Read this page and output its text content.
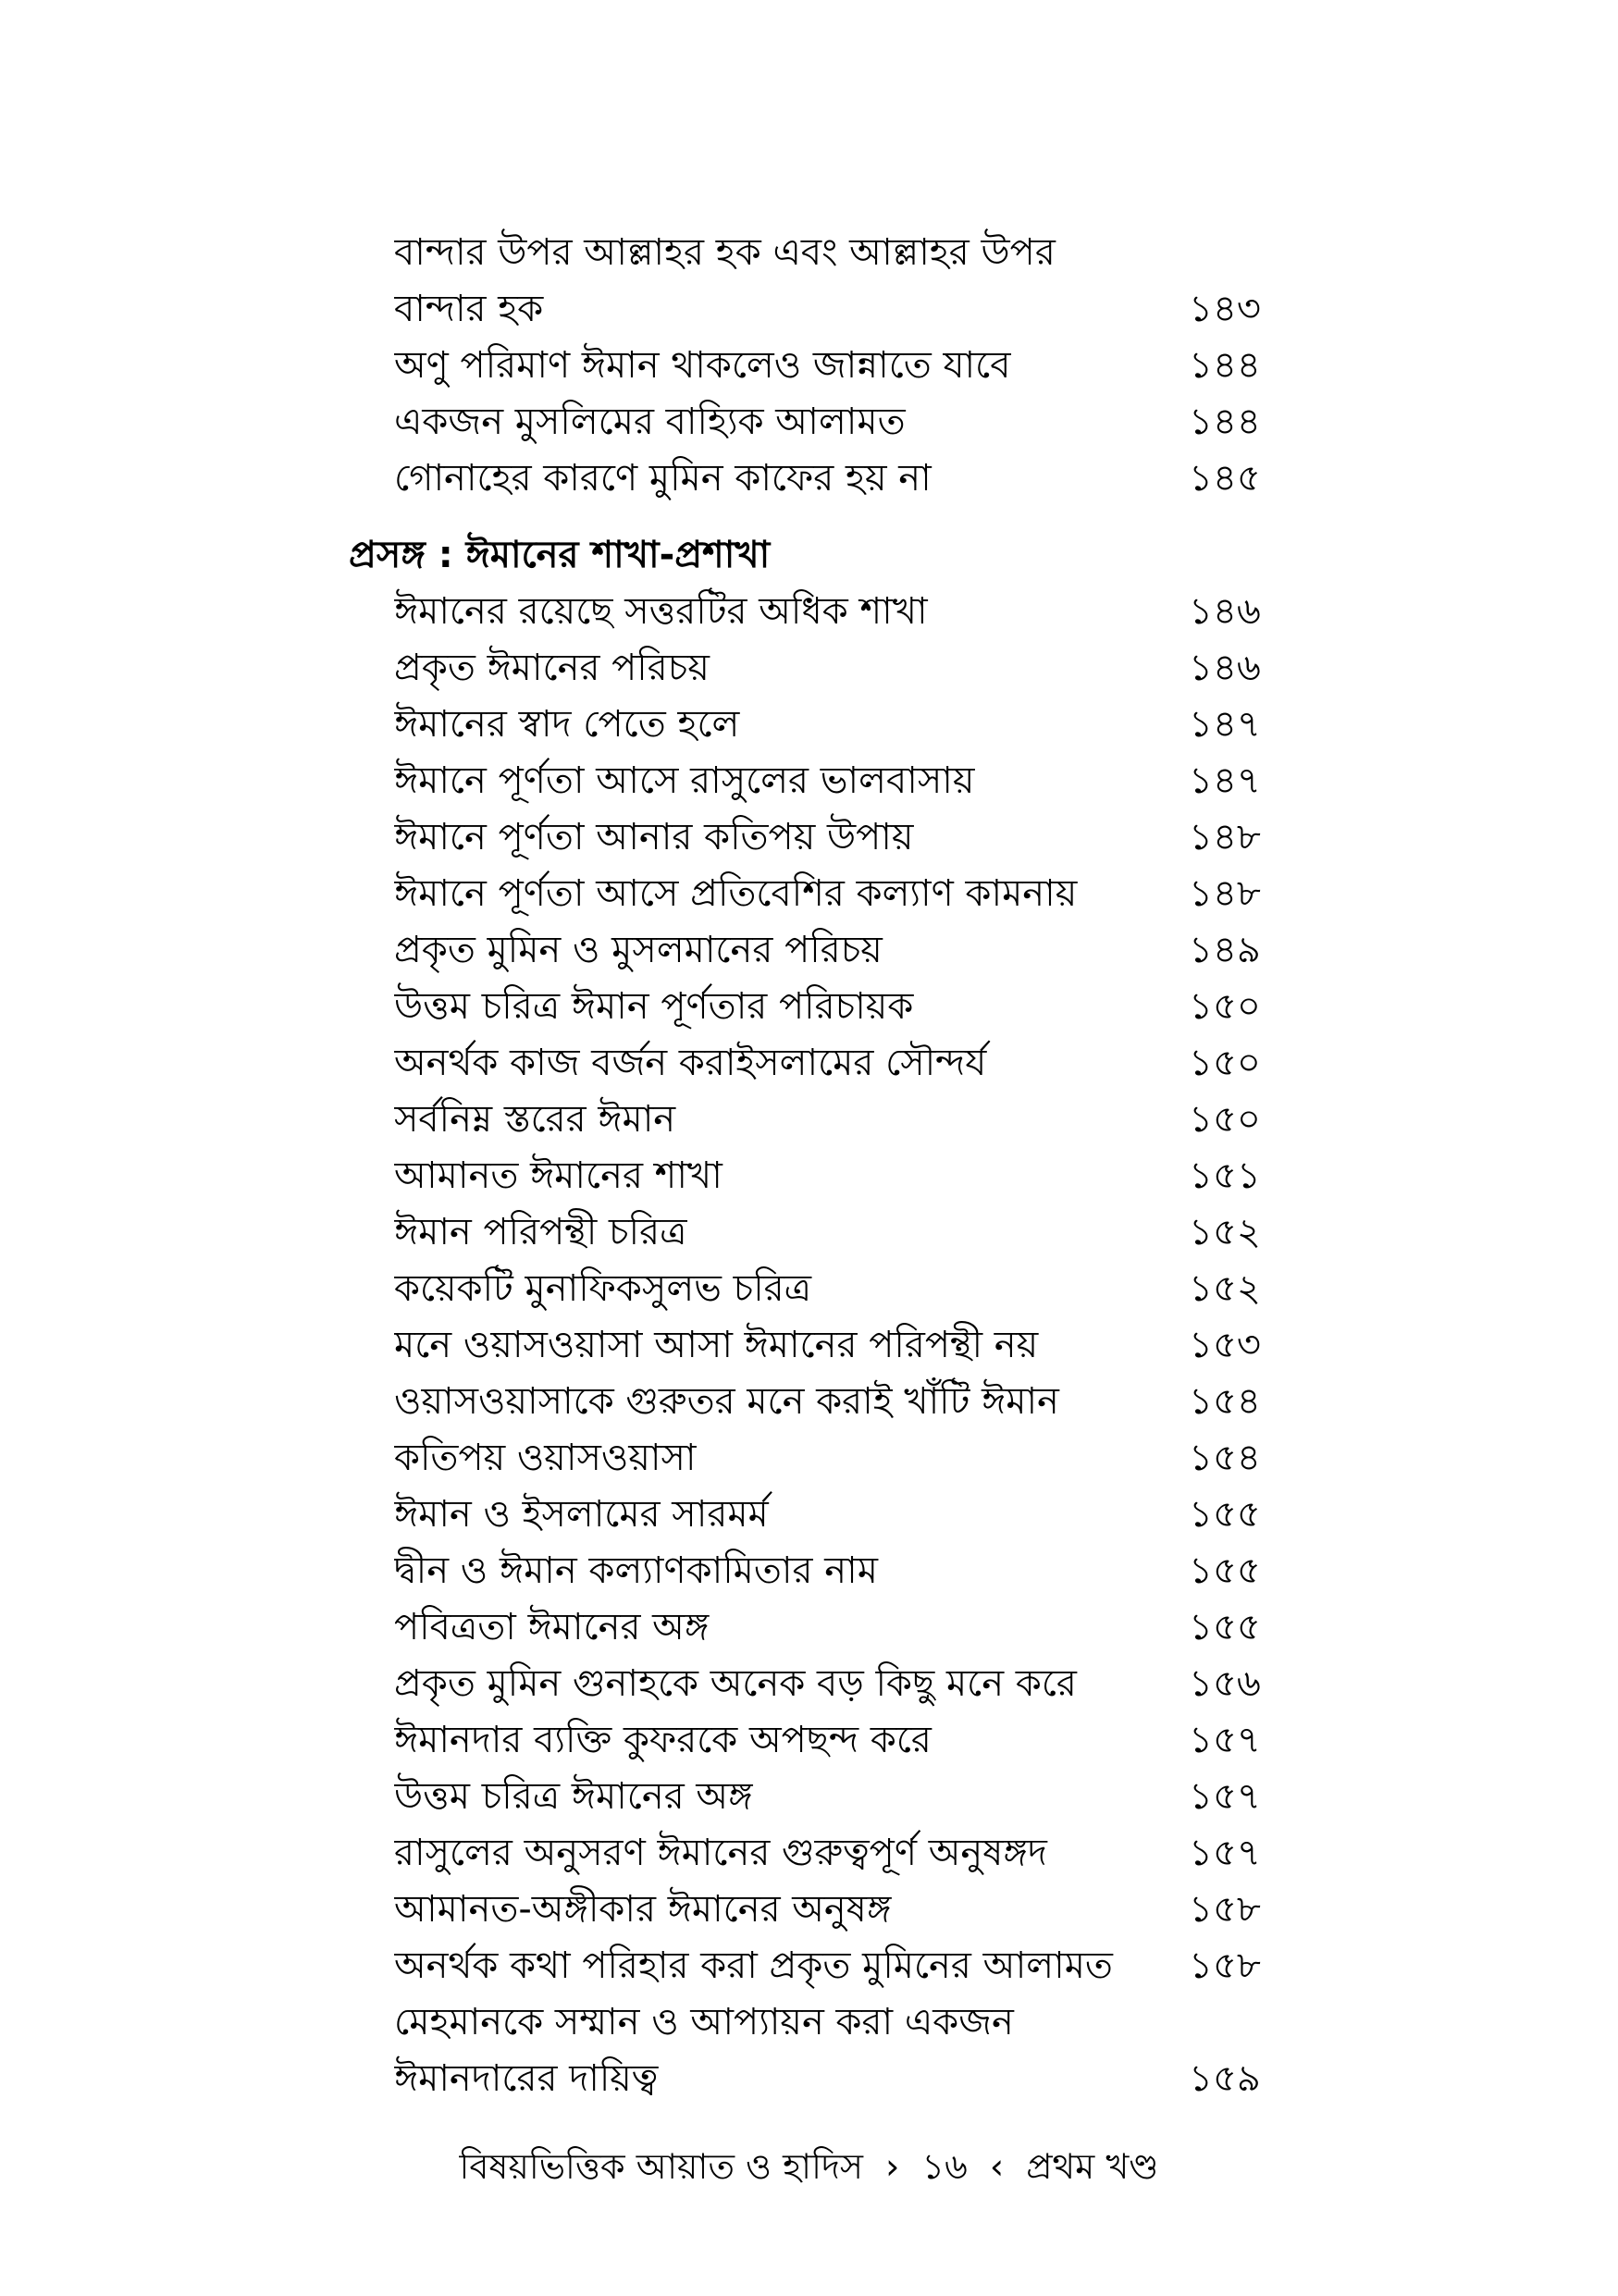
বান্দার উপর আল্লাহর হক এবং আল্লাহর উপর
বান্দার হক	১৪৩
অণু পরিমাণ ঈমান থাকলেও জান্নাতে যাবে	১৪৪
একজন মুসলিমের বাহ্যিক আলামত	১৪৪
গোনাহের কারণে মুমিন কাফের হয় না	১৪৫
প্রসঙ্গ : ঈমানের শাখা-প্রশাখা
ঈমানের রয়েছে সত্তরটির অধিক শাখা	১৪৬
প্রকৃত ঈমানের পরিচয়	১৪৬
ঈমানের স্বাদ পেতে হলে	১৪৭
ঈমানে পূর্ণতা আসে রাসুলের ভালবাসায়	১৪৭
ঈমানে পূর্ণতা আনার কতিপয় উপায়	১৪৮
ঈমানে পূর্ণতা আসে প্রতিবেশির কল্যাণ কামনায়	১৪৮
প্রকৃত মুমিন ও মুসলমানের পরিচয়	১৪৯
উত্তম চরিত্র ঈমান পূর্ণতার পরিচায়ক	১৫০
অনর্থক কাজ বর্জন করাইসলামের সৌন্দর্য	১৫০
সর্বনিম্ন স্তরের ঈমান	১৫০
আমানত ঈমানের শাখা	১৫১
ঈমান পরিপন্থী চরিত্র	১৫২
কয়েকটি মুনাফিকসুলভ চরিত্র	১৫২
মনে ওয়াসওয়াসা আসা ঈমানের পরিপন্থী নয়	১৫৩
ওয়াসওয়াসাকে গুরুতর মনে করাই খাঁটি ঈমান	১৫৪
কতিপয় ওয়াসওয়াসা	১৫৪
ঈমান ও ইসলামের সারমর্ম	১৫৫
দ্বীন ও ঈমান কল্যাণকামিতার নাম	১৫৫
পবিত্রতা ঈমানের অঙ্গ	১৫৫
প্রকৃত মুমিন গুনাহকে অনেক বড় কিছু মনে করে	১৫৬
ঈমানদার ব্যক্তি কুফরকে অপছন্দ করে	১৫৭
উত্তম চরিত্র ঈমানের অঙ্গ	১৫৭
রাসুলের অনুসরণ ঈমানের গুরুত্বপূর্ণ অনুষঙ্গদ	১৫৭
আমানত-অঙ্গীকার ঈমানের অনুষঙ্গ	১৫৮
অনর্থক কথা পরিহার করা প্রকৃত মুমিনের আলামত	১৫৮
মেহমানকে সম্মান ও আপ্যায়ন করা একজন
ঈমানদারের দায়িত্ব	১৫৯
বিষয়ভিত্তিক আয়াত ও হাদিস › ১৬ ‹ প্রথম খণ্ড
